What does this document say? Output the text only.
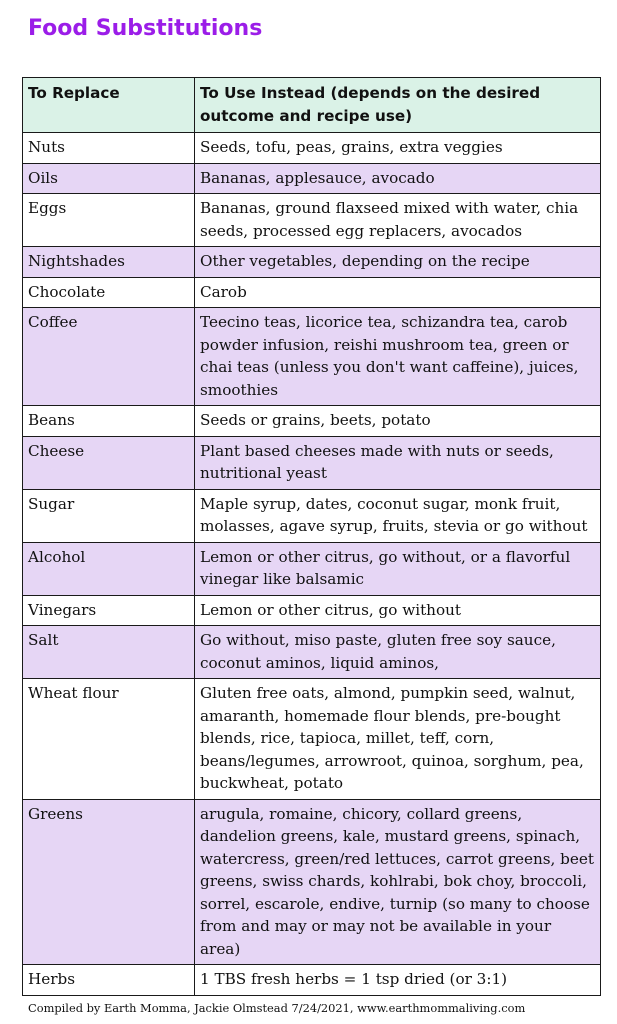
Food Substitutions
To Replace	To Use Instead (depends on the desired outcome and recipe use)
Nuts	Seeds, tofu, peas, grains, extra veggies
Oils	Bananas, applesauce, avocado
Eggs	Bananas, ground flaxseed mixed with water, chia seeds, processed egg replacers, avocados
Nightshades	Other vegetables, depending on the recipe
Chocolate	Carob
Coffee	Teecino teas, licorice tea, schizandra tea, carob powder infusion, reishi mushroom tea, green or chai teas (unless you don't want caffeine), juices, smoothies
Beans	Seeds or grains, beets, potato
Cheese	Plant based cheeses made with nuts or seeds, nutritional yeast
Sugar	Maple syrup, dates, coconut sugar, monk fruit, molasses, agave syrup, fruits, stevia or go without
Alcohol	Lemon or other citrus, go without, or a flavorful vinegar like balsamic
Vinegars	Lemon or other citrus, go without
Salt	Go without, miso paste, gluten free soy sauce, coconut aminos, liquid aminos,
Wheat flour	Gluten free oats, almond, pumpkin seed, walnut, amaranth, homemade flour blends, pre-bought blends, rice, tapioca, millet, teff, corn, beans/legumes, arrowroot, quinoa, sorghum, pea, buckwheat, potato
Greens	arugula, romaine, chicory, collard greens, dandelion greens, kale, mustard greens, spinach, watercress, green/red lettuces, carrot greens, beet greens, swiss chards, kohlrabi, bok choy, broccoli, sorrel, escarole, endive, turnip (so many to choose from and may or may not be available in your area)
Herbs	1 TBS fresh herbs = 1 tsp dried (or 3:1)

Compiled by Earth Momma, Jackie Olmstead 7/24/2021, www.earthmommaliving.com
